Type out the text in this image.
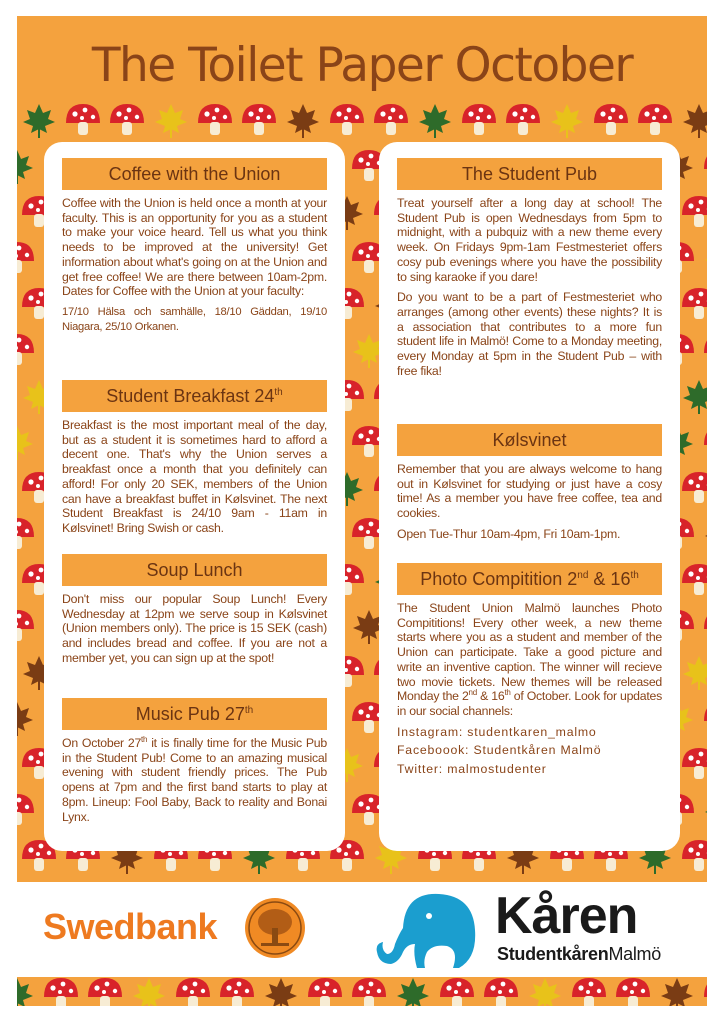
The Toilet Paper October
Coffee with the Union

Coffee with the Union is held once a month at your faculty. This is an opportunity for you as a student to make your voice heard. Tell us what you think needs to be improved at the university! Get information about what's going on at the Union and get free coffee! We are there between 10am-2pm. Dates for Coffee with the Union at your faculty:

17/10 Hälsa och samhälle, 18/10 Gäddan, 19/10 Niagara, 25/10 Orkanen.

Student Breakfast 24th

Breakfast is the most important meal of the day, but as a student it is sometimes hard to afford a decent one. That's why the Union serves a breakfast once a month that you definitely can afford! For only 20 SEK, members of the Union can have a breakfast buffet in Kølsvinet. The next Student Breakfast is 24/10 9am - 11am in Kølsvinet! Bring Swish or cash.

Soup Lunch

Don't miss our popular Soup Lunch! Every Wednesday at 12pm we serve soup in Kølsvinet (Union members only). The price is 15 SEK (cash) and includes bread and coffee. If you are not a member yet, you can sign up at the spot!

Music Pub 27th

On October 27th it is finally time for the Music Pub in the Student Pub! Come to an amazing musical evening with student friendly prices. The Pub opens at 7pm and the first band starts to play at 8pm. Lineup: Fool Baby, Back to reality and Bonai Lynx.

The Student Pub

Treat yourself after a long day at school! The Student Pub is open Wednesdays from 5pm to midnight, with a pubquiz with a new theme every week. On Fridays 9pm-1am Festmesteriet offers cosy pub evenings where you have the possibility to sing karaoke if you dare!

Do you want to be a part of Festmesteriet who arranges (among other events) these nights? It is a association that contributes to a more fun student life in Malmö! Come to a Monday meeting, every Monday at 5pm in the Student Pub – with free fika!

Kølsvinet

Remember that you are always welcome to hang out in Kølsvinet for studying or just have a cosy time! As a member you have free coffee, tea and cookies.

Open Tue-Thur 10am-4pm, Fri 10am-1pm.

Photo Compitition 2nd & 16th

The Student Union Malmö launches Photo Compititions! Every other week, a new theme starts where you as a student and member of the Union can participate. Take a good picture and write an inventive caption. The winner will recieve two movie tickets. New themes will be released Monday the 2nd & 16th of October. Look for updates in our social channels:

Instagram: studentkaren_malmo

Faceboook: Studentkåren Malmö

Twitter: malmostudenter

Swedbank	Kåren
StudentkårenMalmö
